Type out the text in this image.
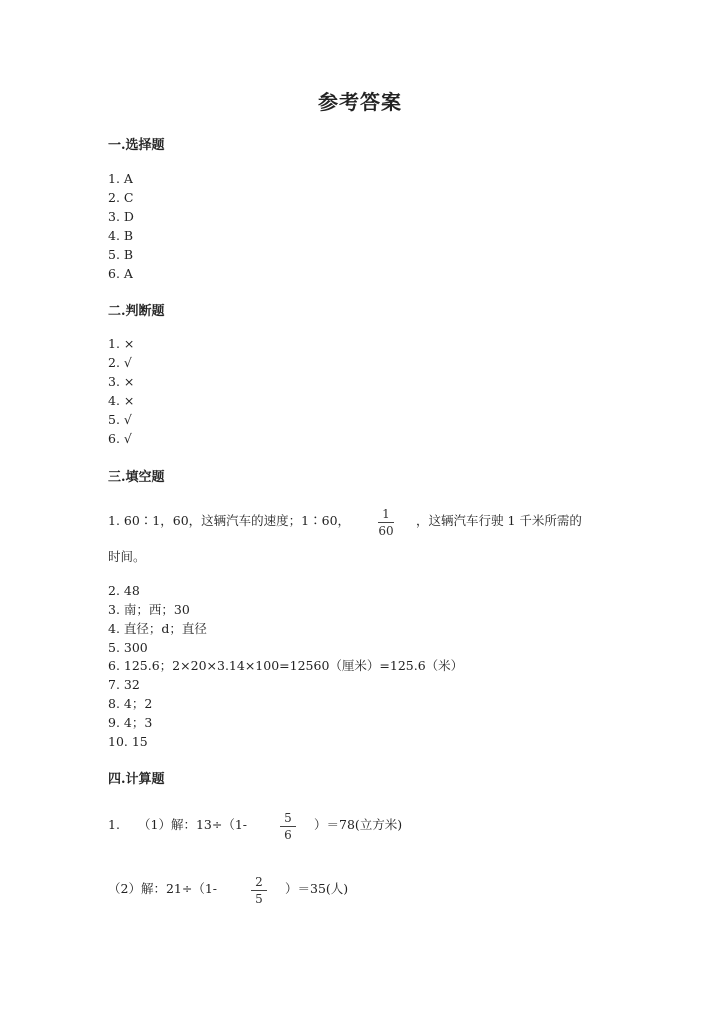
参考答案
一.选择题
1. A
2. C
3. D
4. B
5. B
6. A
二.判断题
1. ×
2. √
3. ×
4. ×
5. √
6. √
三.填空题
1. 60∶1，60，这辆汽车的速度；1∶60，	1
60
，这辆汽车行驶 1 千米所需的
时间。
2. 48
3. 南；西；30
4. 直径；d；直径
5. 300
6. 125.6；2×20×3.14×100=12560（厘米）=125.6（米）
7. 32
8. 4；2
9. 4；3
10. 15
四.计算题
1. （1）解：13÷（1-	5
6
）＝78(立方米)
（2）解：21÷（1-	2
5
）＝35(人)
